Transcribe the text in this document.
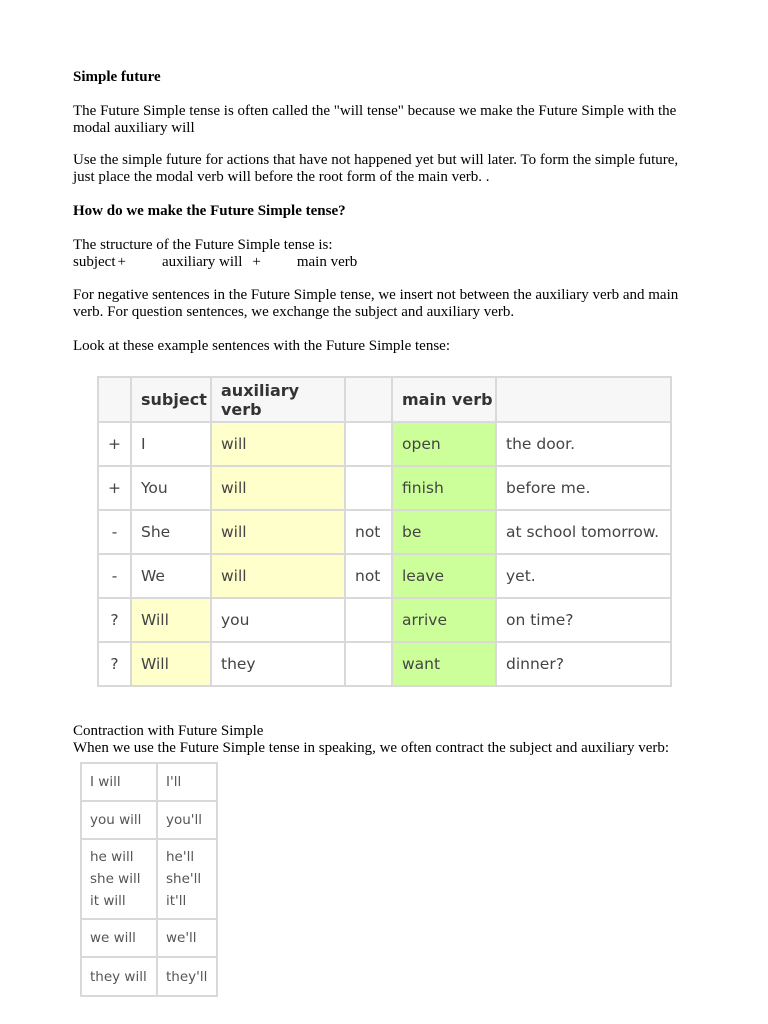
Simple future

The Future Simple tense is often called the "will tense" because we make the Future Simple with the modal auxiliary will

Use the simple future for actions that have not happened yet but will later. To form the simple future, just place the modal verb will before the root form of the main verb. .

How do we make the Future Simple tense?

The structure of the Future Simple tense is:

subject + auxiliary will + main verb

For negative sentences in the Future Simple tense, we insert not between the auxiliary verb and main verb. For question sentences, we exchange the subject and auxiliary verb.

Look at these example sentences with the Future Simple tense:

Contraction with Future Simple

When we use the Future Simple tense in speaking, we often contract the subject and auxiliary verb:

	subject	auxiliary verb		main verb	
+	I	will		open	the door.
+	You	will		finish	before me.
-	She	will	not	be	at school tomorrow.
-	We	will	not	leave	yet.
?	Will	you		arrive	on time?
?	Will	they		want	dinner?
I will	I'll

you will	you'll

he will
she will
it will	he'll
she'll
it'll

we will	we'll

they will	they'll
